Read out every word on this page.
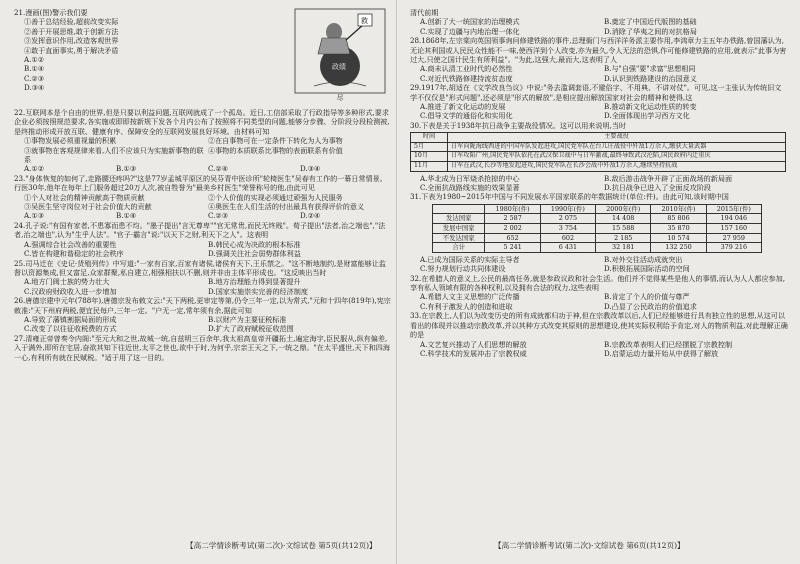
政绩
救
尽
21.漫画(图)警示我们要
①善于总结经验,超前改变实际
②善于开展思维,敢于创新方法
③发挥意识作用,改造客观世界
④敢于直面事实,勇于解决矛盾
A.①②
B.①④
C.②③
D.③④
22.互联网本是个自由的世界,但是只要以利益问题,互联网就成了一个孤岛。近日,工信部采取了行政指导等多种形式,要求企业必须按照规范要求,各实施或即即按新规下发各个月内公布了按照将不同类型的问题,能够分步骤、分阶段分段检测被,是终推动形成开放互联、健康有序、保障安全的互联网发展良好环境。由材料可知
①事物发展必须重视量的积累	②在自事物可在一定条件下转化为人为事物
③就事物在客观规律来看,人们不应该只为实施新事物的联系
④事物的本质联系比事物的表面联系有价值
A.①②	B.①③	C.②④	D.③④
23."身体恢复的如何了,走路腰还疼吗?"这是77岁孟城平原区的吴芬青中医诊所"轮椅医生"吴春有工作的一幕日常情景。行医30年,他年在每年上门服务超过20万人次,被自牲誉为"最美乡村医生"荣誉称号的他,由此可见
①个人对社会的精神贡献高于物质贡献	②个人价值的实现必须通过顽强为人民服务
③吴医生坚守岗位对于社会价值大的贡献	④奥医生在人们生活的付出最具有获得评价的意义
A.①③	B.①④	C.②③	D.②④
24.孔子说:"有国有家者,不患寡而患不均。"墨子提出"言无尊卑""官无常贵,而民无终贱"。荀子提出"法者,治之端也","法者,治之端也",认为"生乎人法"。"官子·霸言"说:"以天下之财,利天下之人"。这表明
A.强调综合社会改善的重要性	B.韩民心成为决政的根本标准
C.皆在构建和谐稳定的社会秩序	D.强调关注社会弱势群体利益
25.司马迁在《史记·货殖列传》中写道:"一家有百家,百家有诸侯,诸侯有天下,王乐禁之。"这不断地制约,是财富能够让监督以资源集成,但又富足,众家群聚,私自建立,相强相扶以不删,则并非由主体平形成也。"这反映出当时
A.地方门阀士族的势力壮大	B.地方治理能力得到显著提升
C.汉政府财政收入进一步增加	D.国家实施崇实完善的经济制度
26.唐德宗建中元年(788年),唐德宗发布敕文云:"天下两税,更审定等第,仍令三年一定,以为常式,"元和十四年(819年),宪宗敕准:"天下州府两税,便宜民每户,三年一定。"户无一定,常年须有余,据此可知
A.导致了藩镇割据局面的形成	B.以财产为主要征税标准
C.改变了以往征收税费的方式	D.扩大了政府赋税征收范围
27.清雍正帝曾奏令内阁:"至元大和之世,故城一统,自兹明三百余年,我太祖高皇帝开疆拓土,遍定海宇,臣民服从,纵有偏差,入于满外,即所在宅居,奋欲其知下往近世,太平之世也,欲中于时,为何乎,宗亲王天之下,一统之鼎。"在太平盛世,天下和四海一心,有利所有就在民赋税。"适于用了这一目的。
【高二学情诊断考试(第二次)·文综试卷 第5页(共12页)】
清代前期
A.创新了大一统国家的治理模式	B.奠定了中国近代版图的基础
C.实现了边疆与内地治理一体化	D.消除了华夷之间的对抗格局
28.1868年,左宗棠向英国领事询问修建铁路的事件,总理衙门与西洋洋务派主要作用,李鸿章力主五年办铁路,曾国藩认为,无论其利国或人民民众性能不一味,使西洋到个人改变,亦为最久,令人无法的恐惧,作可能修建铁路的应用,就表示"此事为害过大,只使之国计民生有所利益"。"为此,这强大,最而大,这表明了人
A.商未认清工业时代的必然性	B.与"自强"要"求富"思想相同
C.对近代铁路修建持流贫态度	D.认识到铁路建设的治国意义
29.1917年,胡适在《文学改良刍议》中说:"务去滥调套语,不避俗字、不用典、不讲对仗"。可见,这一主张认为传统旧文学不仅仅是"形式问题",还必须是"形式的解放",是相应提出解放国家对社会的精神和使得,这
A.推进了新文化运动的发展	B.推动新文化运动性质的转变
C.倡导文学的通俗化和实用化	D.全面体现出学习西方文化
30.下表是关于1938年抗日战争主要战役情况。这可以用来说明,当时
时间	主要战役
5月	日军向陇海线西进的中国军队发起进攻,国民党军队在台儿庄战役中歼敌1万余人,缴获大量武器
10月	日军攻陷广州,国民党军队依托在武汉保卫战中与日军激战,最终导致武汉沦陷,国民政府内迁重庆
11月	日军在武汉,长沙等地发起进攻,国民党军队在长沙会战中歼敌1万余人,继续坚持抗战
A.华北成为日军烧杀抢掠的中心	B.敌后游击战争开辟了正面战场的新局面
C.全面抗战路线实施的效果显著	D.抗日战争已进入了全面反攻阶段
31.下表为1980~2015年中国与不同发展水平国家联系的年数据统计(单位:件)。由此可知,该时期中国
	1980年(件)	1990年(件)	2000年(件)	2010年(件)	2015年(件)
发达国家	2 587	2 075	14 408	85 806	194 046
发展中国家	2 002	3 754	15 588	35 870	157 160
不发达国家	652	602	2 185	10 574	27 959
合计	5 241	6 431	32 181	132 250	379 216
A.已成为国际关系的实际主导者	B.对外交往活动成就突出
C.努力规划行动共同体建设	D.积极拓展国际活动的空间
32.在希腊人的意义上,公民的最高任务,就是参政议政和社会生活。他们并不觉得某些是他人的事情,而认为人人都应参加,享有私人领域有限的各种权利,以及拥有合法的权力,这些表明
A.希腊人文主义思想的广泛传播	B.肯定了个人的价值与尊严
C.有利于激发人的创造和进取	D.凸显了公民政治的价值追求
33.在宗教上,人们以为改变历史的所有成就都归功于神,但在宗教改革以后,人们已经能够进行具有独立性的思想,从这可以看出的体现并以推动宗教改革,并以其种方式改变其原则的思想建设,使其实际权利给予肯定,对人的物质利益,对此理解正确的是
A.文艺复兴推动了人们思想的解放	B.宗教改革表明人们已经摆脱了宗教控制
C.科学技术的发展冲击了宗教权威	D.启蒙运动力量开始从中获得了解放
【高二学情诊断考试(第二次)·文综试卷 第6页(共12页)】
